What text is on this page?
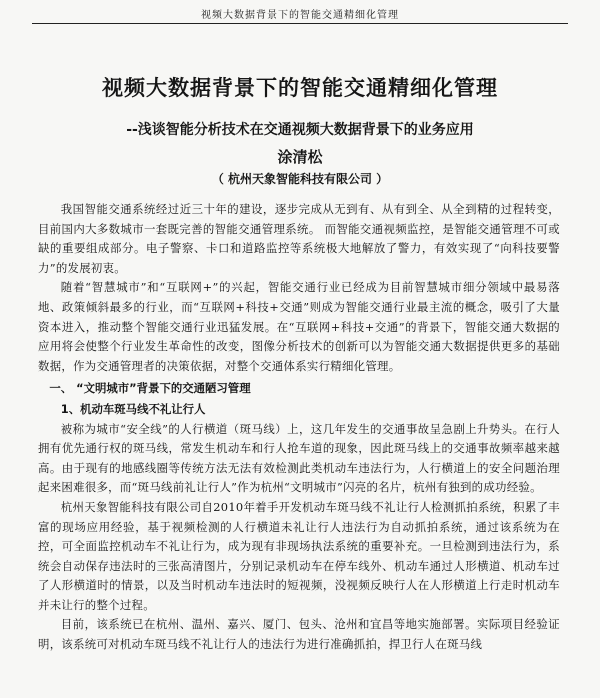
视频大数据背景下的智能交通精细化管理
视频大数据背景下的智能交通精细化管理
--浅谈智能分析技术在交通视频大数据背景下的业务应用
涂清松
（ 杭州天象智能科技有限公司 ）

我国智能交通系统经过近三十年的建设，逐步完成从无到有、从有到全、从全到精的过程转变，目前国内大多数城市一套既完善的智能交通管理系统。 而智能交通视频监控，是智能交通管理不可或缺的重要组成部分。电子警察、卡口和道路监控等系统极大地解放了警力，有效实现了“向科技要警力”的发展初衷。

随着“智慧城市”和“互联网+”的兴起，智能交通行业已经成为目前智慧城市细分领域中最易落地、政策倾斜最多的行业，而“互联网+科技+交通”则成为智能交通行业最主流的概念，吸引了大量资本进入，推动整个智能交通行业迅猛发展。在“互联网+科技+交通”的背景下，智能交通大数据的应用将会使整个行业发生革命性的改变，图像分析技术的创新可以为智能交通大数据提供更多的基础数据，作为交通管理者的决策依据，对整个交通体系实行精细化管理。

一、 “文明城市”背景下的交通陋习管理
1、机动车斑马线不礼让行人

被称为城市“安全线”的人行横道（斑马线）上，这几年发生的交通事故呈急剧上升势头。在行人拥有优先通行权的斑马线，常发生机动车和行人抢车道的现象，因此斑马线上的交通事故频率越来越高。由于现有的地感线圈等传统方法无法有效检测此类机动车违法行为，人行横道上的安全问题治理起来困难很多，而“斑马线前礼让行人”作为杭州“文明城市”闪亮的名片，杭州有独到的成功经验。

杭州天象智能科技有限公司自2010年着手开发机动车斑马线不礼让行人检测抓拍系统，积累了丰富的现场应用经验，基于视频检测的人行横道未礼让行人违法行为自动抓拍系统，通过该系统为在控，可全面监控机动车不礼让行为，成为现有非现场执法系统的重要补充。一旦检测到违法行为，系统会自动保存违法时的三张高清图片，分别记录机动车在停车线外、机动车通过人形横道、机动车过了人形横道时的情景，以及当时机动车违法时的短视频，没视频反映行人在人形横道上行走时机动车并未让行的整个过程。

目前，该系统已在杭州、温州、嘉兴、厦门、包头、沧州和宜昌等地实施部署。实际项目经验证明，该系统可对机动车斑马线不礼让行人的违法行为进行准确抓拍，捍卫行人在斑马线
